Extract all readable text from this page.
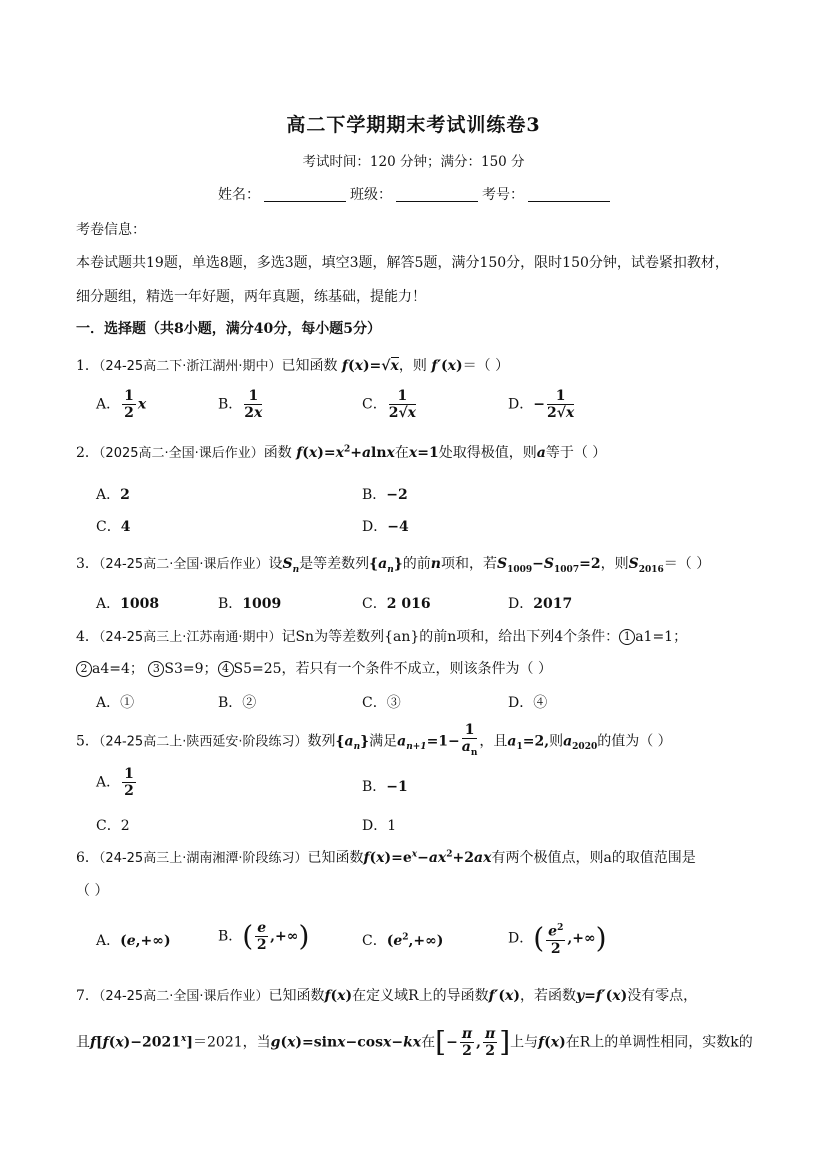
高二下学期期末考试训练卷3
考试时间：120 分钟；满分：150 分
姓名：	班级：	考号：
考卷信息：
本卷试题共19题，单选8题，多选3题，填空3题，解答5题，满分150分，限时150分钟，试卷紧扣教材，
细分题组，精选一年好题，两年真题，练基础，提能力！
一．选择题（共8小题，满分40分，每小题5分）
1．（24-25高二下·浙江湖州·期中）已知函数 f(x)=√x，则 f′(x)＝（ ）
A． $\frac{1}{2}$ x	B． $\frac{1}{2x}$	C． $\frac{1}{2√x}$	D．− $\frac{1}{2√x}$
2．（2025高二·全国·课后作业）函数 $f(x)=x^2+alnx$在x=1处取得极值，则a等于（ ）
A．2	B．−2
C．4	D．−4
3．（24-25高二·全国·课后作业）设$S_n$是等差数列$\{a_n\}$的前n项和，若$S_{1009}-S_{1007}=2$，则$S_{2016}=$（ ）
A．1008	B．1009	C．2 016	D．2017
4．（24-25高三上·江苏南通·期中）记Sn为等差数列{an}的前n项和，给出下列4个条件： 1 a1=1；
2 a4=4； 3 S3=9； 4 S5=25，若只有一个条件不成立，则该条件为（ ）
A．①	B．②	C．③	D．④
5．（24-25高二上·陕西延安·阶段练习）数列$\{a_n\}$满足$a_{n+1}=1- \frac{1}{a_n}$ ，且$a_1=2$,则$a_{2020}$的值为（ ）
A． $\frac{1}{2}$	B．−1
C．2	D．1
6．（24-25高三上·湖南湘潭·阶段练习）已知函数$f(x)=e^x-ax^2+2ax$有两个极值点，则a的取值范围是
（ ）
A．(e,+∞)	B．( $\frac{e}{2}$ ,+∞)	C．$(e^2,+\infty)$	D．( $\frac{e^2}{2}$ ,+∞)
7．（24-25高二·全国·课后作业）已知函数f(x)在定义域R上的导函数f′(x)，若函数y=f′(x)没有零点，
且$f[f(x)-2021^x]=2021$，当g(x)=sinx−cosx−kx在[− $\frac{\pi}{2}$ , $\frac{\pi}{2}$ ]上与f(x)在R上的单调性相同，实数k的
